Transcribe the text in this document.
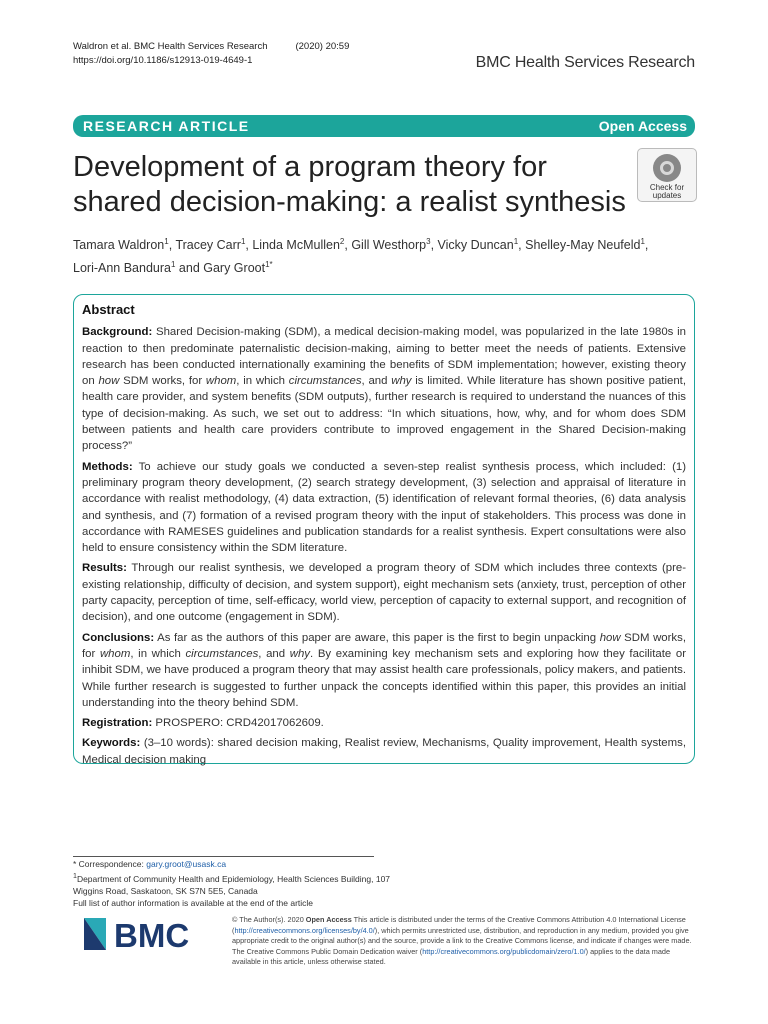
Waldron et al. BMC Health Services Research	(2020) 20:59
https://doi.org/10.1186/s12913-019-4649-1	BMC Health Services Research
RESEARCH ARTICLE	Open Access
Development of a program theory for shared decision-making: a realist synthesis	Check for
updates
Tamara Waldron$^1$, Tracey Carr$^1$, Linda McMullen$^2$, Gill Westhorp$^3$, Vicky Duncan$^1$, Shelley-May Neufeld$^1$,
Lori-Ann Bandura$^1$ and Gary Groot$^{1*}$
Abstract

Background: Shared Decision-making (SDM), a medical decision-making model, was popularized in the late 1980s in reaction to then predominate paternalistic decision-making, aiming to better meet the needs of patients. Extensive research has been conducted internationally examining the benefits of SDM implementation; however, existing theory on how SDM works, for whom, in which circumstances, and why is limited. While literature has shown positive patient, health care provider, and system benefits (SDM outputs), further research is required to understand the nuances of this type of decision-making. As such, we set out to address: “In which situations, how, why, and for whom does SDM between patients and health care providers contribute to improved engagement in the Shared Decision-making process?”

Methods: To achieve our study goals we conducted a seven-step realist synthesis process, which included: (1) preliminary program theory development, (2) search strategy development, (3) selection and appraisal of literature in accordance with realist methodology, (4) data extraction, (5) identification of relevant formal theories, (6) data analysis and synthesis, and (7) formation of a revised program theory with the input of stakeholders. This process was done in accordance with RAMESES guidelines and publication standards for a realist synthesis. Expert consultations were also held to ensure consistency within the SDM literature.

Results: Through our realist synthesis, we developed a program theory of SDM which includes three contexts (pre-existing relationship, difficulty of decision, and system support), eight mechanism sets (anxiety, trust, perception of other party capacity, perception of time, self-efficacy, world view, perception of capacity to external support, and recognition of decision), and one outcome (engagement in SDM).

Conclusions: As far as the authors of this paper are aware, this paper is the first to begin unpacking how SDM works, for whom, in which circumstances, and why. By examining key mechanism sets and exploring how they facilitate or inhibit SDM, we have produced a program theory that may assist health care professionals, policy makers, and patients. While further research is suggested to further unpack the concepts identified within this paper, this provides an initial understanding into the theory behind SDM.

Registration: PROSPERO: CRD42017062609.

Keywords: (3–10 words): shared decision making, Realist review, Mechanisms, Quality improvement, Health systems, Medical decision making

* Correspondence: gary.groot@usask.ca
$^1$Department of Community Health and Epidemiology, Health Sciences Building, 107 Wiggins Road, Saskatoon, SK S7N 5E5, Canada
Full list of author information is available at the end of the article
BMC	© The Author(s). 2020 Open Access This article is distributed under the terms of the Creative Commons Attribution 4.0 International License (http://creativecommons.org/licenses/by/4.0/), which permits unrestricted use, distribution, and reproduction in any medium, provided you give appropriate credit to the original author(s) and the source, provide a link to the Creative Commons license, and indicate if changes were made. The Creative Commons Public Domain Dedication waiver (http://creativecommons.org/publicdomain/zero/1.0/) applies to the data made available in this article, unless otherwise stated.
